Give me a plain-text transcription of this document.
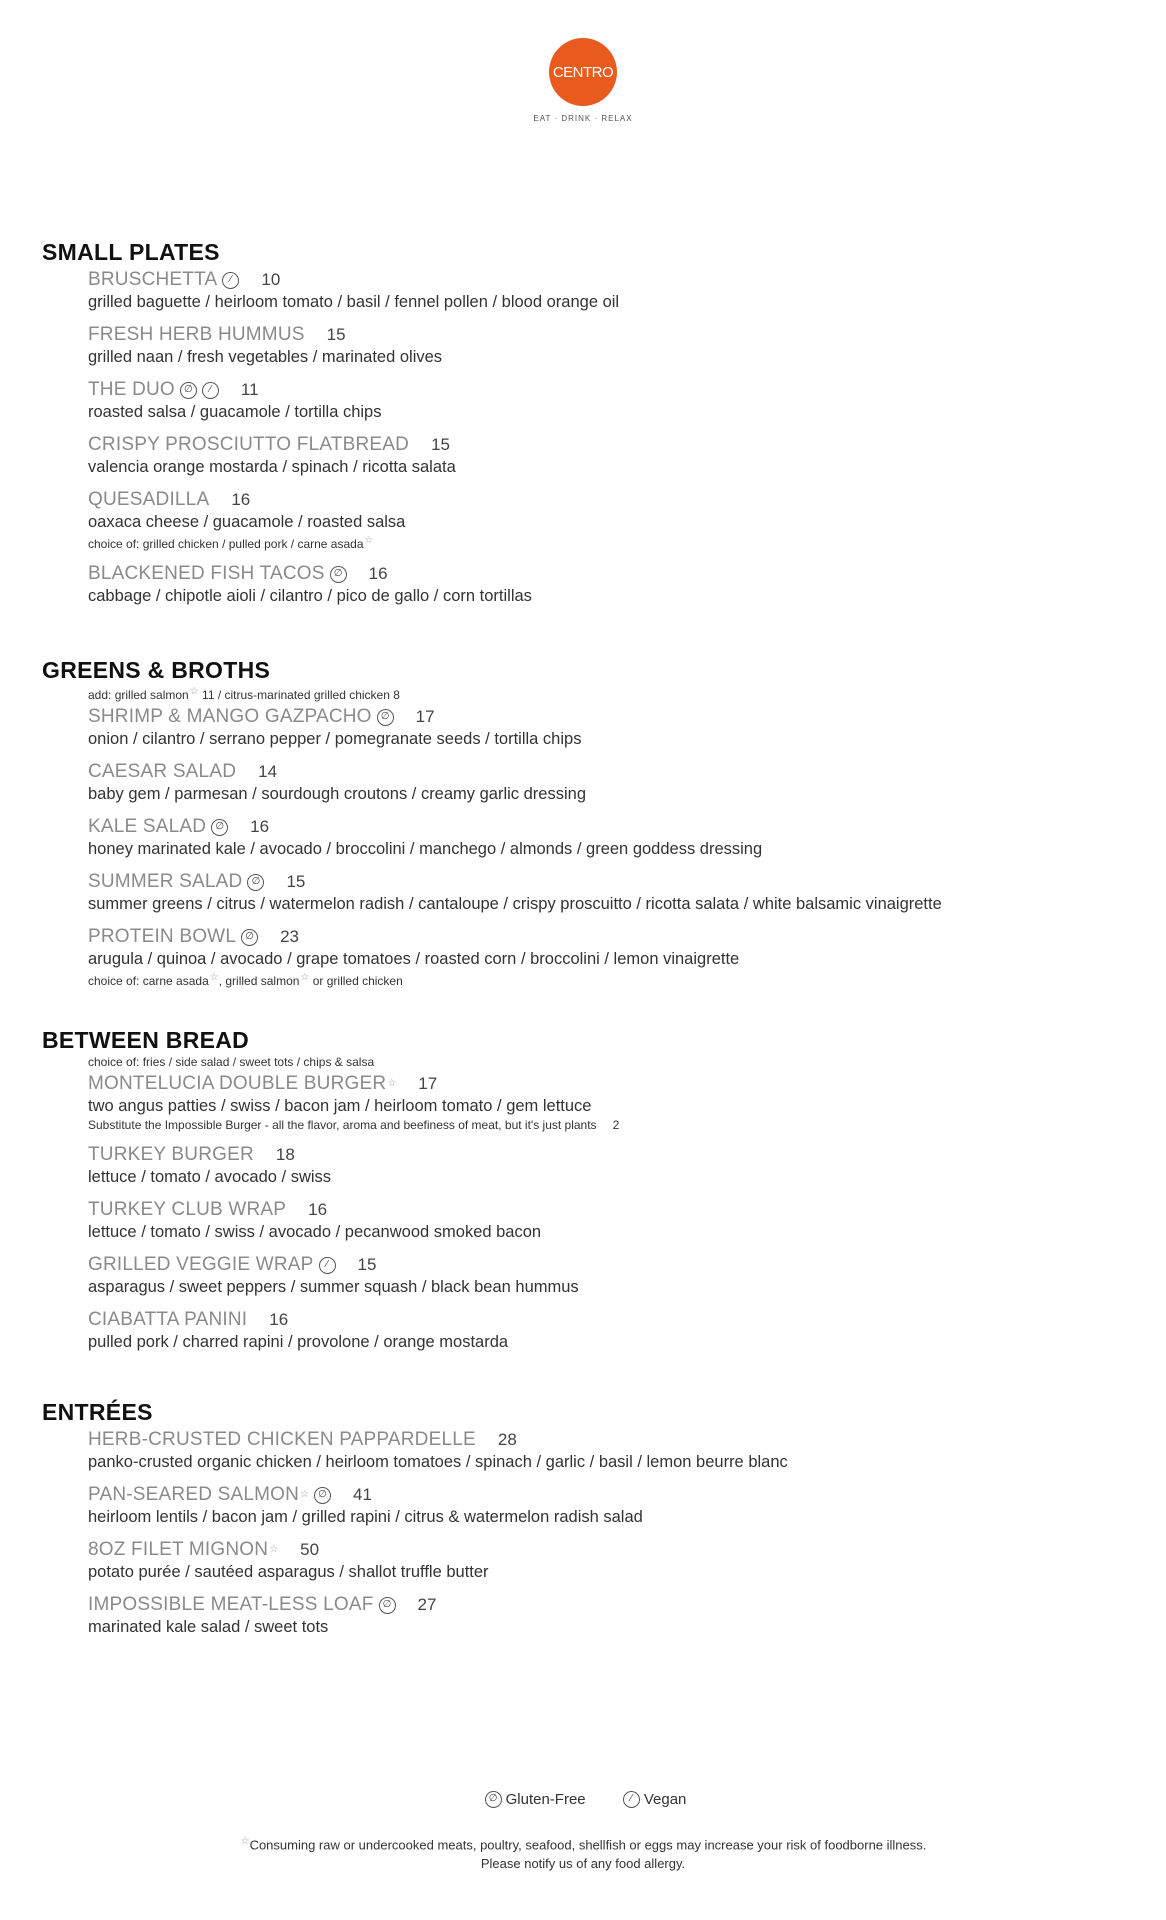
CENTRO
EAT · DRINK · RELAX
SMALL PLATES
BRUSCHETTA	⁄	10
grilled baguette / heirloom tomato / basil / fennel pollen / blood orange oil
FRESH HERB HUMMUS 15
grilled naan / fresh vegetables / marinated olives
THE DUO ∅	⁄	11
roasted salsa / guacamole / tortilla chips
CRISPY PROSCIUTTO FLATBREAD 15
valencia orange mostarda / spinach / ricotta salata
QUESADILLA 16
oaxaca cheese / guacamole / roasted salsa
choice of: grilled chicken / pulled pork / carne asada☆
BLACKENED FISH TACOS ∅ 16
cabbage / chipotle aioli / cilantro / pico de gallo / corn tortillas
GREENS & BROTHS
add: grilled salmon☆ 11 / citrus-marinated grilled chicken 8
SHRIMP & MANGO GAZPACHO ∅ 17
onion / cilantro / serrano pepper / pomegranate seeds / tortilla chips
CAESAR SALAD 14
baby gem / parmesan / sourdough croutons / creamy garlic dressing
KALE SALAD ∅ 16
honey marinated kale / avocado / broccolini / manchego / almonds / green goddess dressing
SUMMER SALAD ∅ 15
summer greens / citrus / watermelon radish / cantaloupe / crispy proscuitto / ricotta salata / white balsamic vinaigrette
PROTEIN BOWL ∅ 23
arugula / quinoa / avocado / grape tomatoes / roasted corn / broccolini / lemon vinaigrette
choice of: carne asada☆, grilled salmon☆ or grilled chicken
BETWEEN BREAD
choice of: fries / side salad / sweet tots / chips & salsa
MONTELUCIA DOUBLE BURGER ☆ 17
two angus patties / swiss / bacon jam / heirloom tomato / gem lettuce
Substitute the Impossible Burger - all the flavor, aroma and beefiness of meat, but it's just plants 2
TURKEY BURGER 18
lettuce / tomato / avocado / swiss
TURKEY CLUB WRAP 16
lettuce / tomato / swiss / avocado / pecanwood smoked bacon
GRILLED VEGGIE WRAP	⁄	15
asparagus / sweet peppers / summer squash / black bean hummus
CIABATTA PANINI 16
pulled pork / charred rapini / provolone / orange mostarda
ENTRÉES
HERB-CRUSTED CHICKEN PAPPARDELLE 28
panko-crusted organic chicken / heirloom tomatoes / spinach / garlic / basil / lemon beurre blanc
PAN-SEARED SALMON ☆ ∅ 41
heirloom lentils / bacon jam / grilled rapini / citrus & watermelon radish salad
8OZ FILET MIGNON ☆ 50
potato purée / sautéed asparagus / shallot truffle butter
IMPOSSIBLE MEAT-LESS LOAF ∅ 27
marinated kale salad / sweet tots
∅ Gluten-Free
	⁄ Vegan
☆Consuming raw or undercooked meats, poultry, seafood, shellfish or eggs may increase your risk of foodborne illness.
Please notify us of any food allergy.
